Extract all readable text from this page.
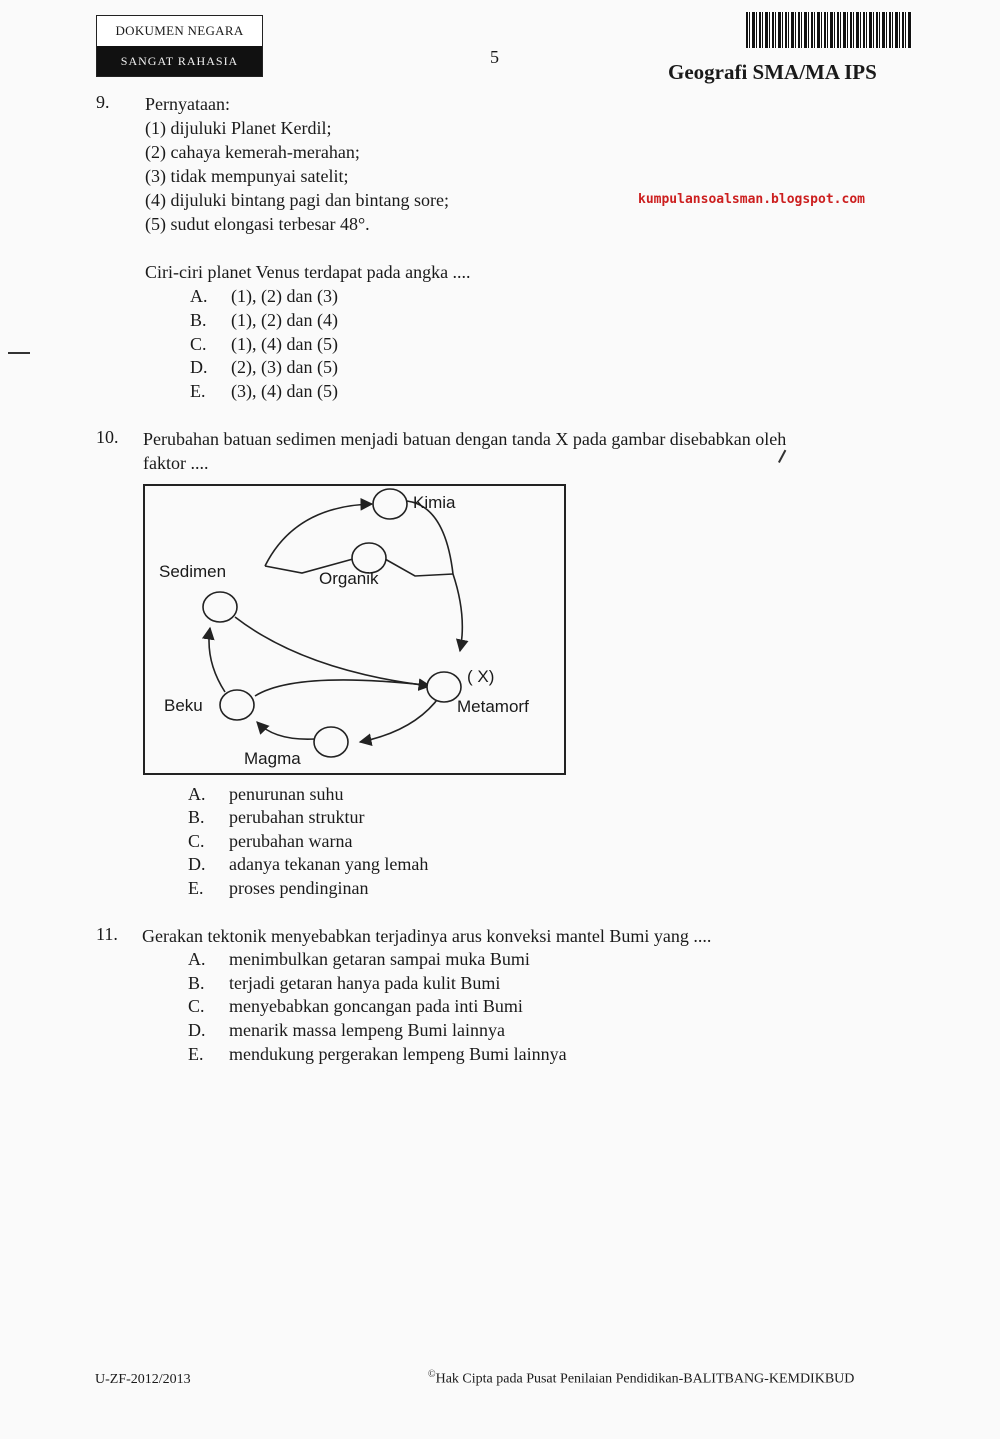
DOKUMEN NEGARA
SANGAT RAHASIA	5
Geografi SMA/MA IPS
kumpulansoalsman.blogspot.com
9. Pernyataan:
(1) dijuluki Planet Kerdil;
(2) cahaya kemerah-merahan;
(3) tidak mempunyai satelit;
(4) dijuluki bintang pagi dan bintang sore;
(5) sudut elongasi terbesar 48°.
Ciri-ciri planet Venus terdapat pada angka ....
A. (1), (2) dan (3)
B. (1), (2) dan (4)
C. (1), (4) dan (5)
D. (2), (3) dan (5)
E. (3), (4) dan (5)
10. Perubahan batuan sedimen menjadi batuan dengan tanda X pada gambar disebabkan oleh
faktor ....
Kimia
Organik
Sedimen
( X)
Metamorf
Beku
Magma
A. penurunan suhu
B. perubahan struktur
C. perubahan warna
D. adanya tekanan yang lemah
E. proses pendinginan
11. Gerakan tektonik menyebabkan terjadinya arus konveksi mantel Bumi yang ....
A. menimbulkan getaran sampai muka Bumi
B. terjadi getaran hanya pada kulit Bumi
C. menyebabkan goncangan pada inti Bumi
D. menarik massa lempeng Bumi lainnya
E. mendukung pergerakan lempeng Bumi lainnya
U-ZF-2012/2013	©Hak Cipta pada Pusat Penilaian Pendidikan-BALITBANG-KEMDIKBUD
